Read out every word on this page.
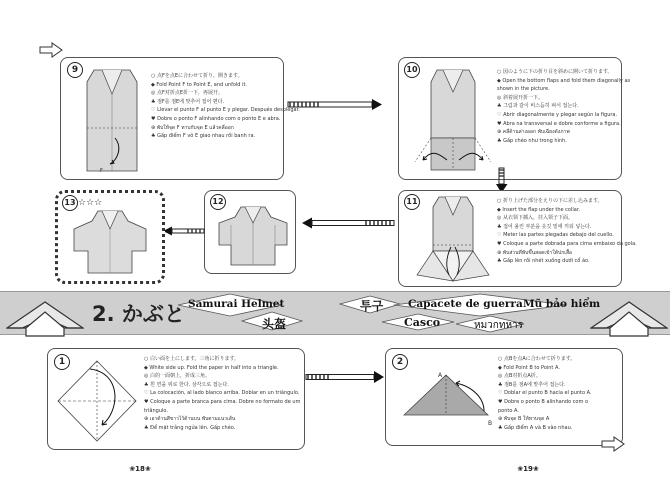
9
F
○ 点Fを点Eに合わせて折り、開きます。
◆ Fold Point F to Point E, and unfold it.
◎ 点F对折点E折一下，再展开。
♣ 점F를 점E에 맞추어 접어 편다.
♡ Llevar el punto F al punto E y plegar. Después desplegar.
♥ Dobre o ponto F alinhando com o ponto E e abra.
⊕ พับให้จุด F ทาบกับจุด E แล้วคลี่ออก
♣ Gấp điểm F vô E giao nhau rồi banh ra.
10	○ 図のように下の折り目を斜めに開いて折ります。
◆ Open the bottom flaps and fold them diagonally as
shown in the picture.
◎ 斜着展开折一下。
♣ 그림과 같이 비스듬히 펴서 접는다.
♡ Abrir diagonalmente y plegar según la figura.
♥ Abra na transversal e dobre conforme a figura.
⊕ คลี่ด้านล่างออก พับเฉียงดังภาพ
♣ Gấp chéo như trong hình.
11	○ 折り上げた部分をえりの下に差し込みます。
◆ Insert the flap under the collar.
◎ 从衣领下插入，挂入领子下面。
♣ 접어 올린 부분을 옷깃 밑에 끼워 넣는다.
♡ Meter las partes plegadas debajo del cuello.
♥ Coloque a parte dobrada para cima embaixo da gola.
⊕ พับส่วนที่พับขึ้นสอดเข้าใต้ปกเสื้อ
♣ Gấp lên rồi nhét xuống dưới cổ áo.
12
13 ☆☆☆
2. かぶと Samurai Helmet
头盔
투구 Capacete de guerra Mũ bảo hiểm
Casco	หมวกทหาร
1	○ 白い面を上にします。三角に折ります。
◆ White side up. Fold the paper in half into a triangle.
◎ 白的一面朝上，折成三角。
♣ 흰 면을 위로 한다. 삼각으로 접는다.
♡ La colocación, al lado blanco arriba. Doblar en un triángulo.
♥ Coloque a parte branca para cima. Dobre no formato de um
triângulo.
⊕ เอาด้านสีขาวไว้ด้านบน พับตามแนวเส้น
♣ Để mặt trắng ngửa lên. Gấp chéo.
2
A
B
○ 点Bを点Aに合わせて折ります。
◆ Fold Point B to Point A.
◎ 点B对折点A折。
♣ 점B를 점A에 맞추어 접는다.
♡ Doblar el punto B hacia el punto A.
♥ Dobre o ponto B alinhando com o
ponto A.
⊕ พับจุด B ให้ทาบจุด A
♣ Gấp điểm A và B vào nhau.
❀18❀	❀19❀
